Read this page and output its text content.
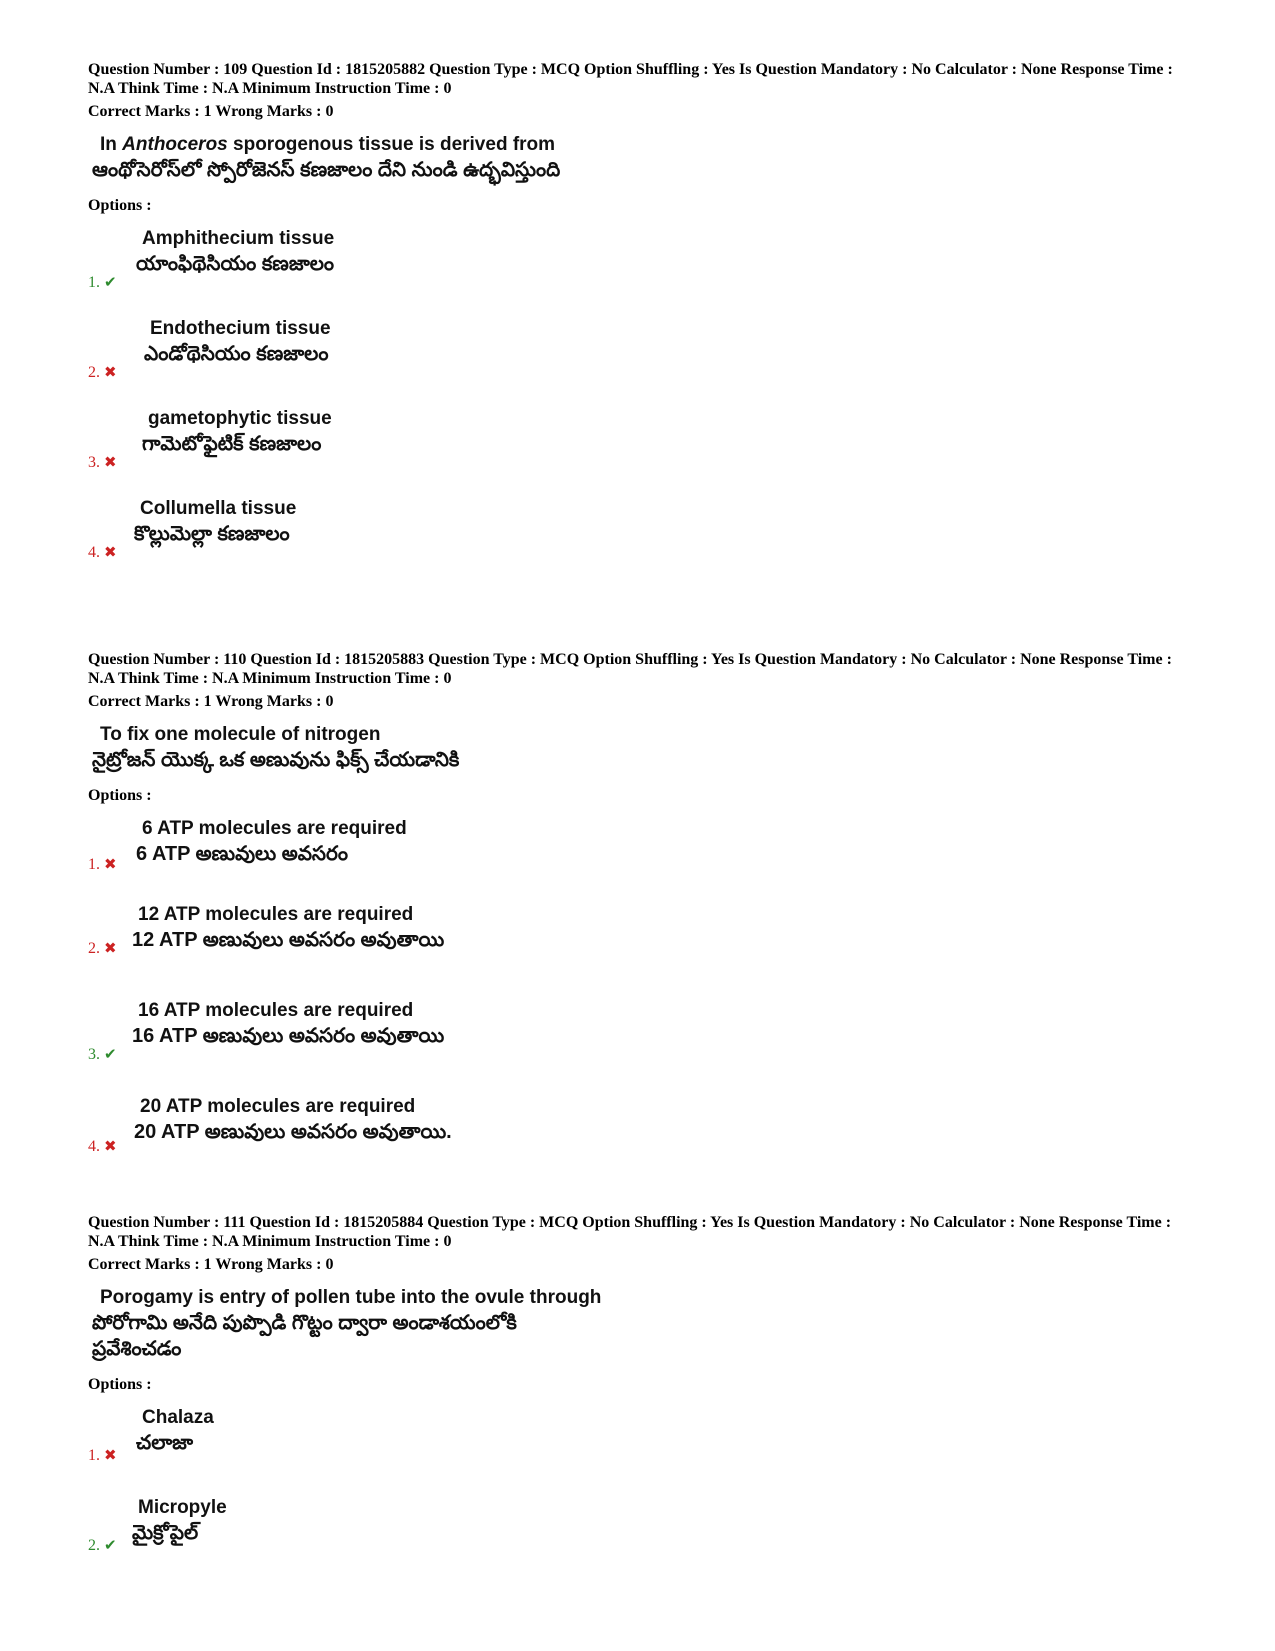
Question Number : 109 Question Id : 1815205882 Question Type : MCQ Option Shuffling : Yes Is Question Mandatory : No Calculator : None Response Time : N.A Think Time : N.A Minimum Instruction Time : 0
Correct Marks : 1 Wrong Marks : 0
In Anthoceros sporogenous tissue is derived from
ఆంథోసెరోస్‌లో స్పోరోజెనస్ కణజాలం దేని నుండి ఉద్భవిస్తుంది
Options :
Amphithecium tissue
యాంఫిథెసియం కణజాలం
1. ✔
Endothecium tissue
ఎండోథెసియం కణజాలం
2. ✖
gametophytic tissue
గామెటోఫైటిక్ కణజాలం
3. ✖
Collumella tissue
కొల్లుమెల్లా కణజాలం
4. ✖
Question Number : 110 Question Id : 1815205883 Question Type : MCQ Option Shuffling : Yes Is Question Mandatory : No Calculator : None Response Time : N.A Think Time : N.A Minimum Instruction Time : 0
Correct Marks : 1 Wrong Marks : 0
To fix one molecule of nitrogen
నైట్రోజన్ యొక్క ఒక అణువును ఫిక్స్ చేయడానికి
Options :
6 ATP molecules are required
6 ATP అణువులు అవసరం
1. ✖
12 ATP molecules are required
12 ATP అణువులు అవసరం అవుతాయి
2. ✖
16 ATP molecules are required
16 ATP అణువులు అవసరం అవుతాయి
3. ✔
20 ATP molecules are required
20 ATP అణువులు అవసరం అవుతాయి.
4. ✖
Question Number : 111 Question Id : 1815205884 Question Type : MCQ Option Shuffling : Yes Is Question Mandatory : No Calculator : None Response Time : N.A Think Time : N.A Minimum Instruction Time : 0
Correct Marks : 1 Wrong Marks : 0
Porogamy is entry of pollen tube into the ovule through
పోరోగామి అనేది పుప్పొడి గొట్టం ద్వారా అండాశయంలోకి ప్రవేశించడం
Options :
Chalaza
చలాజా
1. ✖
Micropyle
మైక్రోపైల్
2. ✔
